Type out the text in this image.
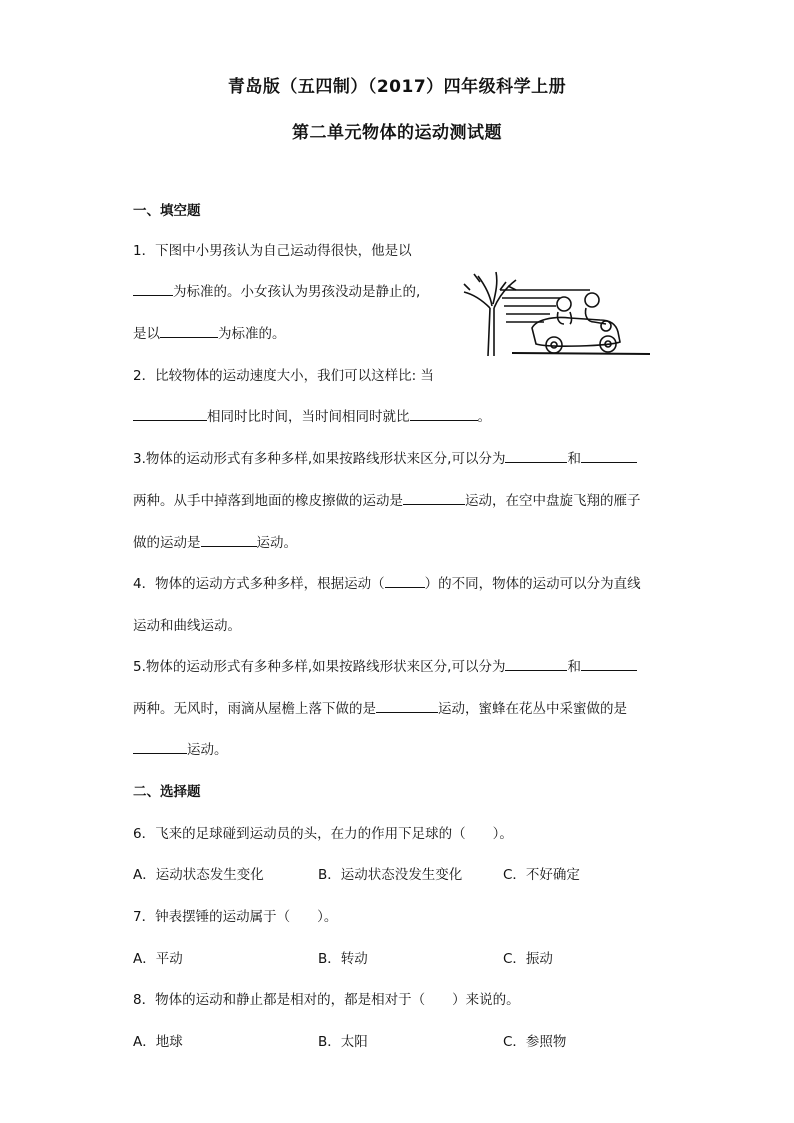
青岛版（五四制）（2017）四年级科学上册
第二单元物体的运动测试题
一、填空题
1．下图中小男孩认为自己运动得很快，他是以
为标准的。小女孩认为男孩没动是静止的,
是以	为标准的。
2．比较物体的运动速度大小，我们可以这样比: 当
相同时比时间，当时间相同时就比	。
3.物体的运动形式有多种多样,如果按路线形状来区分,可以分为	和
两种。从手中掉落到地面的橡皮擦做的运动是	运动，在空中盘旋飞翔的雁子
做的运动是	运动。
4．物体的运动方式多种多样，根据运动（	）的不同，物体的运动可以分为直线
运动和曲线运动。
5.物体的运动形式有多种多样,如果按路线形状来区分,可以分为	和
两种。无风时，雨滴从屋檐上落下做的是	运动，蜜蜂在花丛中采蜜做的是
运动。
二、选择题
6．飞来的足球碰到运动员的头，在力的作用下足球的（　　）。
A．运动状态发生变化	B．运动状态没发生变化	C．不好确定
7．钟表摆锤的运动属于（　　）。
A．平动	B．转动	C．振动
8．物体的运动和静止都是相对的，都是相对于（　　）来说的。
A．地球	B．太阳	C．参照物
